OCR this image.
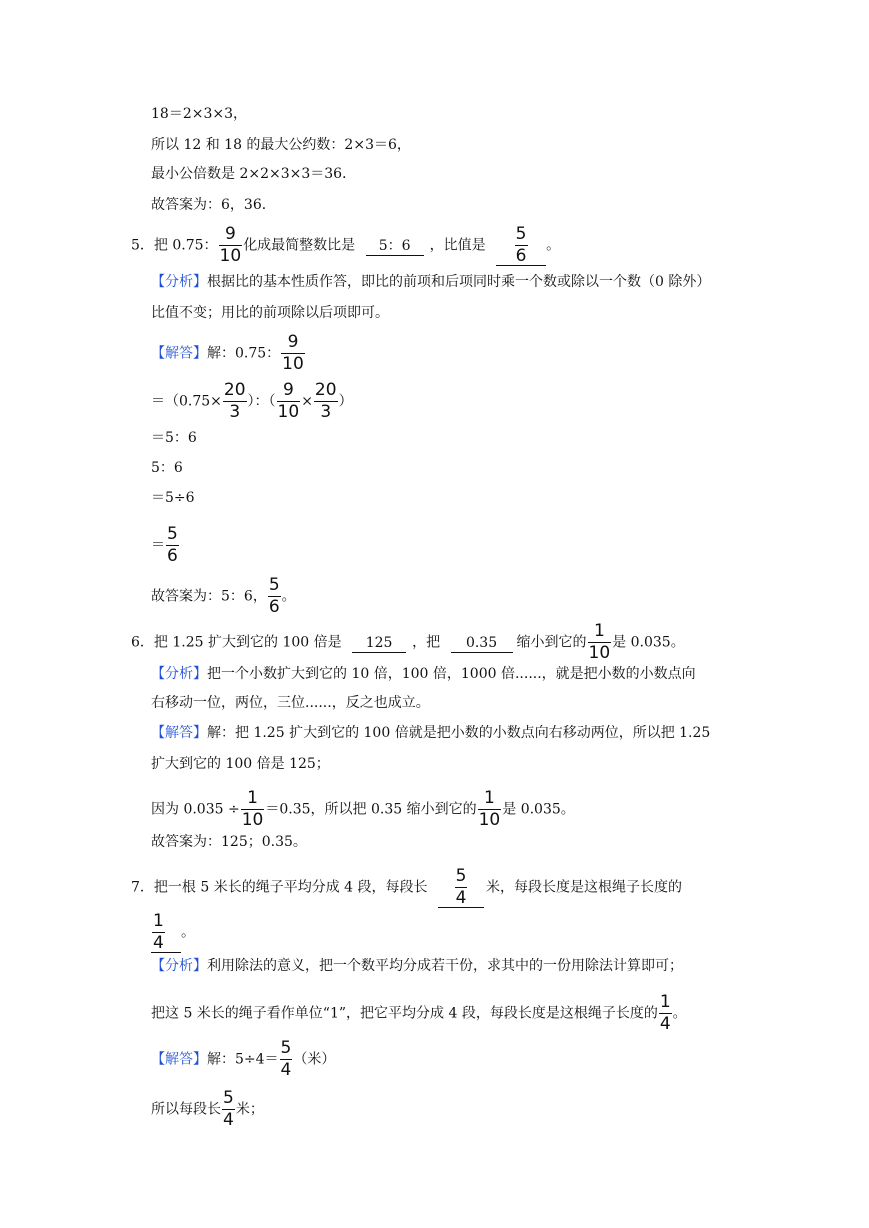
18＝2×3×3，
所以 12 和 18 的最大公约数：2×3＝6，
最小公倍数是 2×2×3×3＝36．
故答案为：6，36．
5．把 0.75： $\frac{9}{10}$ 化成最简整数比是 5：6 ，比值是 $\frac{5}{6}$ 。
【分析】根据比的基本性质作答，即比的前项和后项同时乘一个数或除以一个数（0 除外）
比值不变；用比的前项除以后项即可。
【解答】解：0.75： $\frac{9}{10}$
$=(0.75\times \frac{20}{3}$ ）：（ $\frac{9}{10} \times \frac{20}{3}$ ）
＝5：6
5：6
＝5÷6
＝ $\frac{5}{6}$
故答案为：5：6， $\frac{5}{6}$ 。
6．把 1.25 扩大到它的 100 倍是 125 ，把 0.35 缩小到它的 $\frac{1}{10}$ 是 0.035。
【分析】把一个小数扩大到它的 10 倍，100 倍，1000 倍......，就是把小数的小数点向
右移动一位，两位，三位......，反之也成立。
【解答】解：把 1.25 扩大到它的 100 倍就是把小数的小数点向右移动两位，所以把 1.25
扩大到它的 100 倍是 125；
因为 $0.035 \div \frac{1}{10} =0.35$，所以把 0.35 缩小到它的 $\frac{1}{10}$ 是 0.035。
故答案为：125；0.35。
7．把一根 5 米长的绳子平均分成 4 段，每段长 $\frac{5}{4}$ 米，每段长度是这根绳子长度的
$\frac{1}{4}$ 。
【分析】利用除法的意义，把一个数平均分成若干份，求其中的一份用除法计算即可；
把这 5 米长的绳子看作单位“1”，把它平均分成 4 段，每段长度是这根绳子长度的 $\frac{1}{4}$ 。
【解答】解：$5\div 4= \frac{5}{4}$ （米）
所以每段长 $\frac{5}{4}$ 米；
